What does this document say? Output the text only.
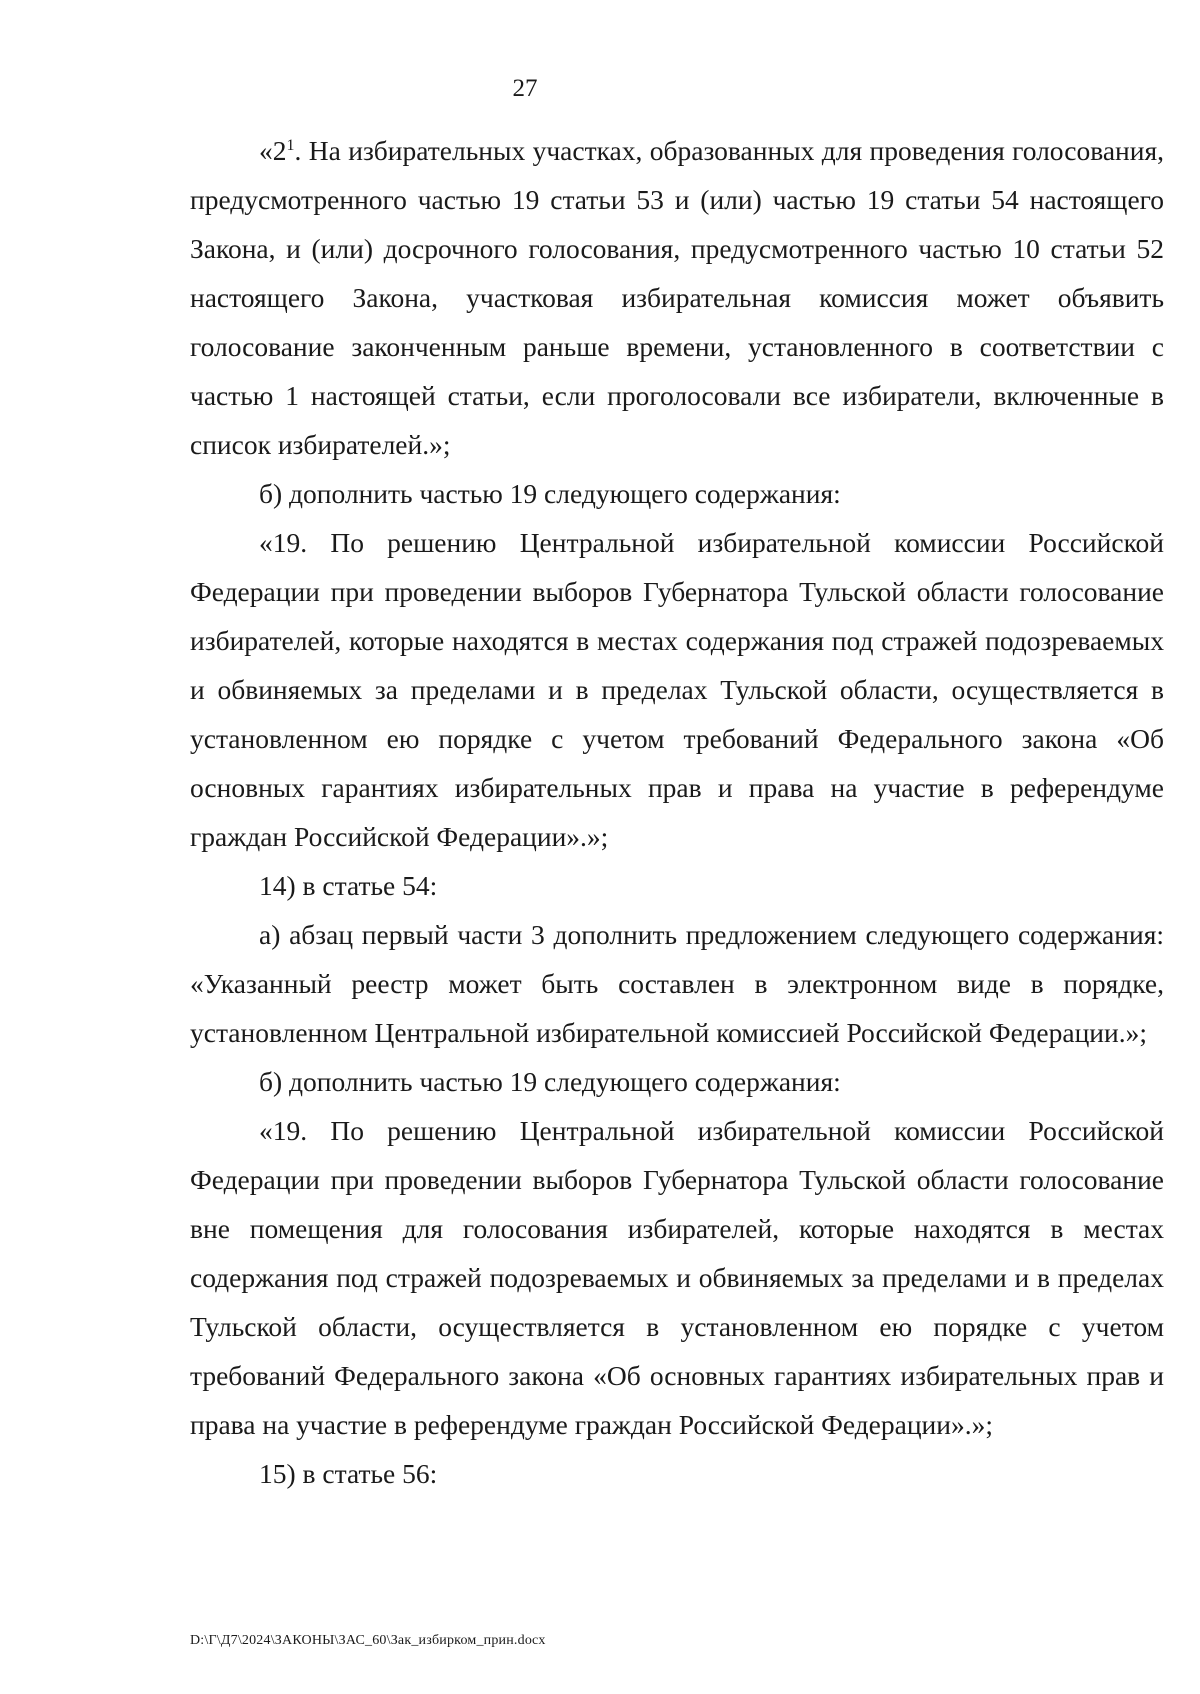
27

«$2^1$. На избирательных участках, образованных для проведения голосования, предусмотренного частью 19 статьи 53 и (или) частью 19 статьи 54 настоящего Закона, и (или) досрочного голосования, предусмотренного частью 10 статьи 52 настоящего Закона, участковая избирательная комиссия может объявить голосование законченным раньше времени, установленного в соответствии с частью 1 настоящей статьи, если проголосовали все избиратели, включенные в список избирателей.»;

б) дополнить частью 19 следующего содержания:

«19. По решению Центральной избирательной комиссии Российской Федерации при проведении выборов Губернатора Тульской области голосование избирателей, которые находятся в местах содержания под стражей подозреваемых и обвиняемых за пределами и в пределах Тульской области, осуществляется в установленном ею порядке с учетом требований Федерального закона «Об основных гарантиях избирательных прав и права на участие в референдуме граждан Российской Федерации».»;

14) в статье 54:

а) абзац первый части 3 дополнить предложением следующего содержания: «Указанный реестр может быть составлен в электронном виде в порядке, установленном Центральной избирательной комиссией Российской Федерации.»;

б) дополнить частью 19 следующего содержания:

«19. По решению Центральной избирательной комиссии Российской Федерации при проведении выборов Губернатора Тульской области голосование вне помещения для голосования избирателей, которые находятся в местах содержания под стражей подозреваемых и обвиняемых за пределами и в пределах Тульской области, осуществляется в установленном ею порядке с учетом требований Федерального закона «Об основных гарантиях избирательных прав и права на участие в референдуме граждан Российской Федерации».»;

15) в статье 56:

D:\Г\Д7\2024\ЗАКОНЫ\ЗАС_60\Зак_избирком_прин.docx
